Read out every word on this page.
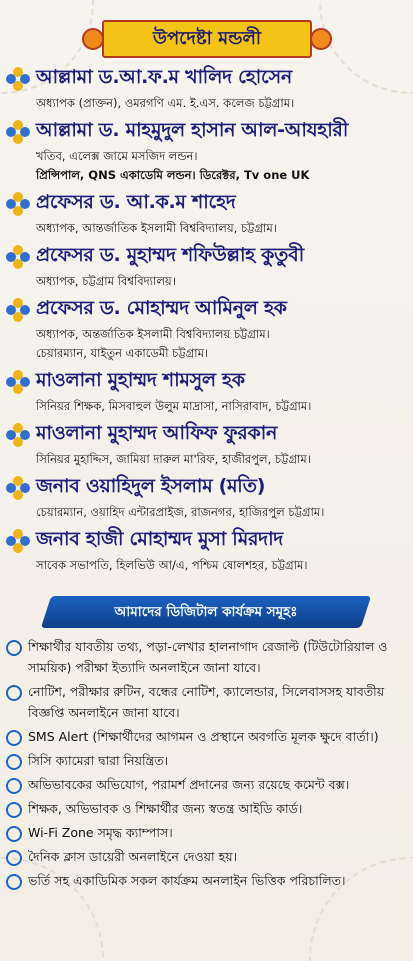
উপদেষ্টা মন্ডলী
আল্লামা ড.আ.ফ.ম খালিদ হোসেন
অধ্যাপক (প্রাক্তন), ওমরগণি এম. ই.এস. কলেজ চট্টগ্রাম।
আল্লামা ড. মাহমুদুল হাসান আল-আযহারী
খতিব, এলেক্স জামে মসজিদ লন্ডন।
প্রিন্সিপাল, QNS একাডেমি লন্ডন। ডিরেক্টর, Tv one UK
প্রফেসর ড. আ.ক.ম শাহেদ
অধ্যাপক, আন্তর্জাতিক ইসলামী বিশ্ববিদ্যালয়, চট্টগ্রাম।
প্রফেসর ড. মুহাম্মদ শফিউল্লাহ কুতুবী
অধ্যাপক, চট্টগ্রাম বিশ্ববিদ্যালয়।
প্রফেসর ড. মোহাম্মদ আমিনুল হক
অধ্যাপক, অন্তর্জাতিক ইসলামী বিশ্ববিদ্যালয় চট্টগ্রাম।
চেয়ারম্যান, যাইতুন একাডেমী চট্টগ্রাম।
মাওলানা মুহাম্মদ শামসুল হক
সিনিয়র শিক্ষক, মিসবাহুল উলুম মাদ্রাসা, নাসিরাবাদ, চট্টগ্রাম।
মাওলানা মুহাম্মদ আফিফ ফুরকান
সিনিয়র মুহাদ্দিস, জামিয়া দারুল মা'রিফ, হাজীরপুল, চট্টগ্রাম।
জনাব ওয়াহিদুল ইসলাম (মতি)
চেয়ারম্যান, ওয়াহিদ এন্টারপ্রাইজ, রাজনগর, হাজিরপুল চট্টগ্রাম।
জনাব হাজী মোহাম্মদ মুসা মিরদাদ
সাবেক সভাপতি, হিলভিউ আ/এ, পশ্চিম ষোলশহর, চট্টগ্রাম।
আমাদের ডিজিটাল কার্যক্রম সমূহঃ
শিক্ষার্থীর যাবতীয় তথ্য, পড়া-লেখার হালনাগাদ রেজাল্ট (টিউটোরিয়াল ও সাময়িক) পরীক্ষা ইত্যাদি অনলাইনে জানা যাবে।
নোটিশ, পরীক্ষার রুটিন, বন্ধের নোটিশ, ক্যালেন্ডার, সিলেবাসসহ যাবতীয় বিজ্ঞপ্তি অনলাইনে জানা যাবে।
SMS Alert (শিক্ষার্থীদের আগমন ও প্রস্থানে অবগতি মূলক ক্ষুদে বার্তা।)
সিসি ক্যামেরা দ্বারা নিয়ন্ত্রিত।
অভিভাবকের অভিযোগ, পরামর্শ প্রদানের জন্য রয়েছে কমেন্ট বক্স।
শিক্ষক, অভিভাবক ও শিক্ষার্থীর জন্য স্বতন্ত্র আইডি কার্ড।
Wi-Fi Zone সমৃদ্ধ ক্যাম্পাস।
দৈনিক ক্লাস ডায়েরী অনলাইনে দেওয়া হয়।
ভর্তি সহ একাডিমিক সকল কার্যক্রম অনলাইন ভিত্তিক পরিচালিত।
